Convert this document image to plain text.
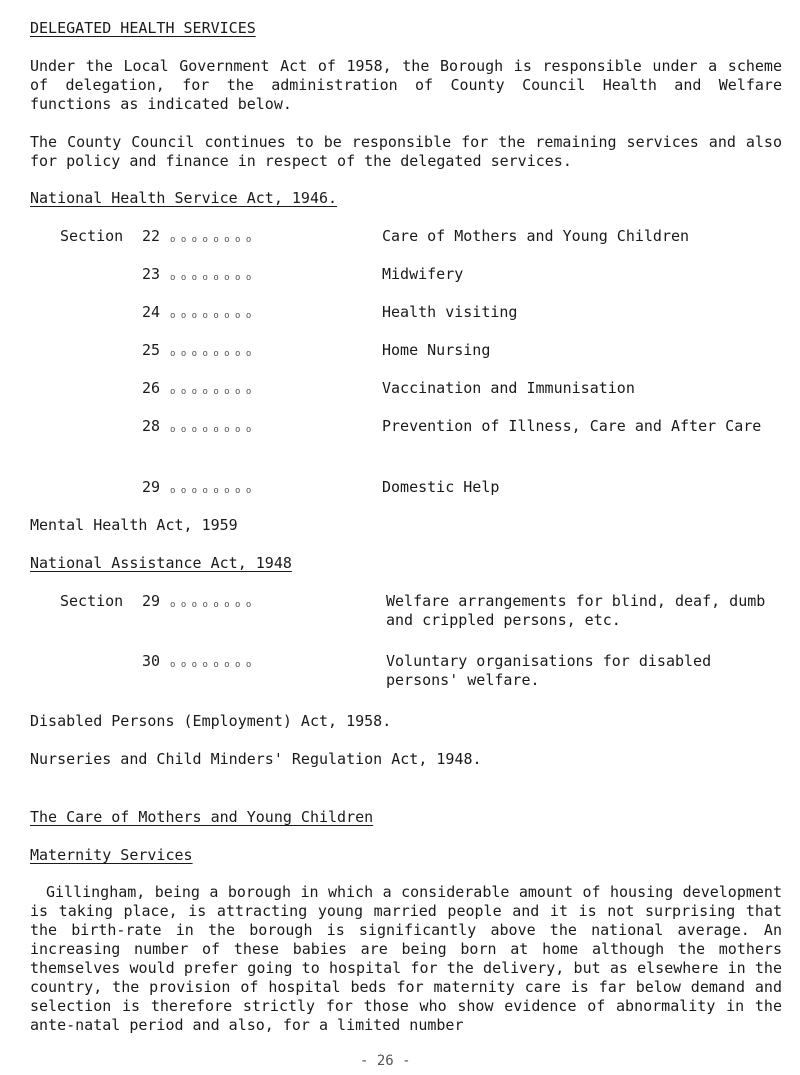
DELEGATED HEALTH SERVICES
Under the Local Government Act of 1958, the Borough is responsible under a scheme of delegation, for the administration of County Council Health and Welfare functions as indicated below.
The County Council continues to be responsible for the remaining services and also for policy and finance in respect of the delegated services.
National Health Service Act, 1946.
Section 22 o o o o o o o o	Care of Mothers and Young Children
23 o o o o o o o o	Midwifery
24 o o o o o o o o	Health visiting
25 o o o o o o o o	Home Nursing
26 o o o o o o o o	Vaccination and Immunisation
28 o o o o o o o o	Prevention of Illness, Care and After Care
29 o o o o o o o o	Domestic Help
Mental Health Act, 1959
National Assistance Act, 1948
Section 29 o o o o o o o o	Welfare arrangements for blind, deaf, dumb and crippled persons, etc.
30 o o o o o o o o	Voluntary organisations for disabled persons' welfare.
Disabled Persons (Employment) Act, 1958.
Nurseries and Child Minders' Regulation Act, 1948.
The Care of Mothers and Young Children
Maternity Services
Gillingham, being a borough in which a considerable amount of housing development is taking place, is attracting young married people and it is not surprising that the birth-rate in the borough is significantly above the national average. An increasing number of these babies are being born at home although the mothers themselves would prefer going to hospital for the delivery, but as elsewhere in the country, the provision of hospital beds for maternity care is far below demand and selection is therefore strictly for those who show evidence of abnormality in the ante-natal period and also, for a limited number
- 26 -
